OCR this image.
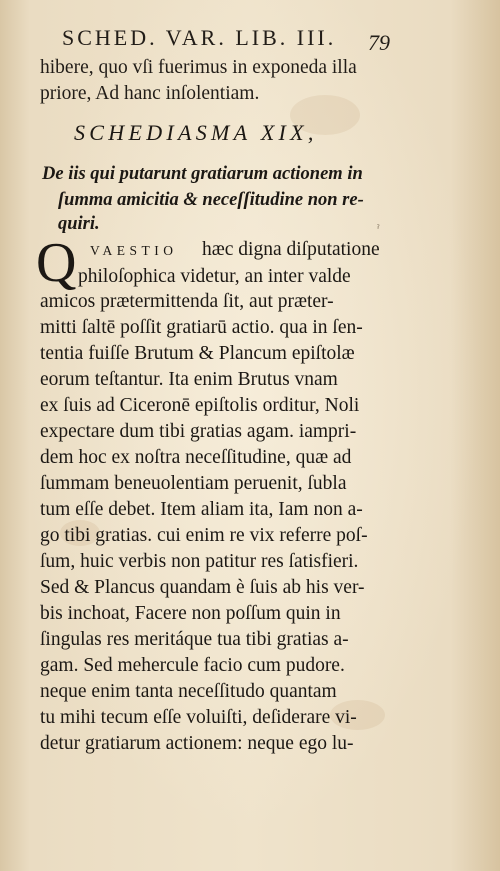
SCHED. VAR. LIB. III.	79
hibere, quo vſi fuerimus in exponeda illa
priore, Ad hanc inſolentiam.
SCHEDIASMA XIX,
De iis qui putarunt gratiarum actionem in
ſumma amicitia & neceſſitudine non re-
quiri.	ˀ
Q VAESTIO hæc digna diſputatione
philoſophica videtur, an inter valde
amicos prætermittenda ſit, aut præter-
mitti ſaltē poſſit gratiarū actio. qua in ſen-
tentia fuiſſe Brutum & Plancum epiſtolæ
eorum teſtantur. Ita enim Brutus vnam
ex ſuis ad Ciceronē epiſtolis orditur, Noli
expectare dum tibi gratias agam. iampri-
dem hoc ex noſtra neceſſitudine, quæ ad
ſummam beneuolentiam peruenit, ſubla
tum eſſe debet. Item aliam ita, Iam non a-
go tibi gratias. cui enim re vix referre poſ-
ſum, huic verbis non patitur res ſatisfieri.
Sed & Plancus quandam è ſuis ab his ver-
bis inchoat, Facere non poſſum quin in
ſingulas res meritáque tua tibi gratias a-
gam. Sed mehercule facio cum pudore.
neque enim tanta neceſſitudo quantam
tu mihi tecum eſſe voluiſti, deſiderare vi-
detur gratiarum actionem: neque ego lu-
